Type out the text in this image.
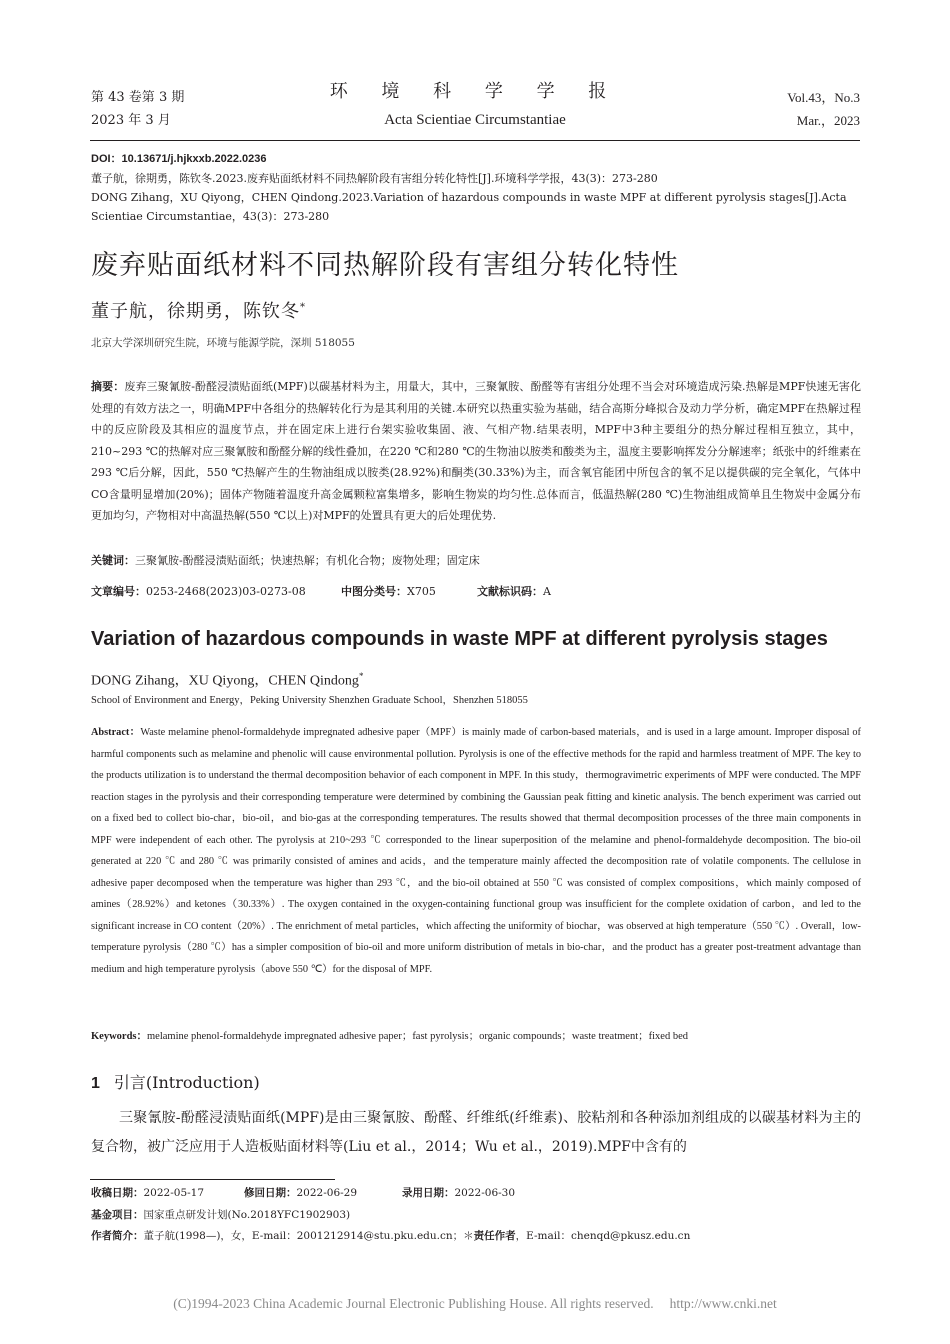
第 43 卷第 3 期
2023 年 3 月
环 境 科 学 学 报
Acta Scientiae Circumstantiae
Vol.43，No.3
Mar.，2023
DOI：10.13671/j.hjkxxb.2022.0236
董子航，徐期勇，陈钦冬.2023.废弃贴面纸材料不同热解阶段有害组分转化特性[J].环境科学学报，43(3)：273-280
DONG Zihang，XU Qiyong，CHEN Qindong.2023.Variation of hazardous compounds in waste MPF at different pyrolysis stages[J].Acta Scientiae Circumstantiae，43(3)：273-280
废弃贴面纸材料不同热解阶段有害组分转化特性
董子航，徐期勇，陈钦冬*
北京大学深圳研究生院，环境与能源学院，深圳 518055
摘要：废弃三聚氰胺-酚醛浸渍贴面纸(MPF)以碳基材料为主，用量大，其中，三聚氰胺、酚醛等有害组分处理不当会对环境造成污染.热解是MPF快速无害化处理的有效方法之一，明确MPF中各组分的热解转化行为是其利用的关键.本研究以热重实验为基础，结合高斯分峰拟合及动力学分析，确定MPF在热解过程中的反应阶段及其相应的温度节点，并在固定床上进行台架实验收集固、液、气相产物.结果表明，MPF中3种主要组分的热分解过程相互独立，其中，210~293 ℃的热解对应三聚氰胺和酚醛分解的线性叠加，在220 ℃和280 ℃的生物油以胺类和酸类为主，温度主要影响挥发分分解速率；纸张中的纤维素在293 ℃后分解，因此，550 ℃热解产生的生物油组成以胺类(28.92%)和酮类(30.33%)为主，而含氧官能团中所包含的氧不足以提供碳的完全氧化，气体中CO含量明显增加(20%)；固体产物随着温度升高金属颗粒富集增多，影响生物炭的均匀性.总体而言，低温热解(280 ℃)生物油组成简单且生物炭中金属分布更加均匀，产物相对中高温热解(550 ℃以上)对MPF的处置具有更大的后处理优势.
关键词：三聚氰胺-酚醛浸渍贴面纸；快速热解；有机化合物；废物处理；固定床
文章编号：0253-2468(2023)03-0273-08	中图分类号：X705	文献标识码：A
Variation of hazardous compounds in waste MPF at different pyrolysis stages
DONG Zihang，XU Qiyong，CHEN Qindong*
School of Environment and Energy，Peking University Shenzhen Graduate School，Shenzhen 518055
Abstract：Waste melamine phenol-formaldehyde impregnated adhesive paper（MPF）is mainly made of carbon-based materials，and is used in a large amount. Improper disposal of harmful components such as melamine and phenolic will cause environmental pollution. Pyrolysis is one of the effective methods for the rapid and harmless treatment of MPF. The key to the products utilization is to understand the thermal decomposition behavior of each component in MPF. In this study，thermogravimetric experiments of MPF were conducted. The MPF reaction stages in the pyrolysis and their corresponding temperature were determined by combining the Gaussian peak fitting and kinetic analysis. The bench experiment was carried out on a fixed bed to collect bio-char，bio-oil，and bio-gas at the corresponding temperatures. The results showed that thermal decomposition processes of the three main components in MPF were independent of each other. The pyrolysis at 210~293 ℃ corresponded to the linear superposition of the melamine and phenol-formaldehyde decomposition. The bio-oil generated at 220 ℃ and 280 ℃ was primarily consisted of amines and acids，and the temperature mainly affected the decomposition rate of volatile components. The cellulose in adhesive paper decomposed when the temperature was higher than 293 ℃，and the bio-oil obtained at 550 ℃ was consisted of complex compositions，which mainly composed of amines（28.92%）and ketones（30.33%）. The oxygen contained in the oxygen-containing functional group was insufficient for the complete oxidation of carbon，and led to the significant increase in CO content（20%）. The enrichment of metal particles，which affecting the uniformity of biochar，was observed at high temperature（550 ℃）. Overall，low-temperature pyrolysis（280 ℃）has a simpler composition of bio-oil and more uniform distribution of metals in bio-char，and the product has a greater post-treatment advantage than medium and high temperature pyrolysis（above 550 ℃）for the disposal of MPF.
Keywords：melamine phenol-formaldehyde impregnated adhesive paper；fast pyrolysis；organic compounds；waste treatment；fixed bed
1 引言(Introduction)
三聚氰胺-酚醛浸渍贴面纸(MPF)是由三聚氰胺、酚醛、纤维纸(纤维素)、胶粘剂和各种添加剂组成的以碳基材料为主的复合物，被广泛应用于人造板贴面材料等(Liu et al.，2014；Wu et al.，2019).MPF中含有的
收稿日期：2022-05-17	修回日期：2022-06-29	录用日期：2022-06-30
基金项目：国家重点研发计划(No.2018YFC1902903)
作者简介：董子航(1998—)，女，E-mail：2001212914@stu.pku.edu.cn；＊责任作者，E-mail：chenqd@pkusz.edu.cn
(C)1994-2023 China Academic Journal Electronic Publishing House. All rights reserved. http://www.cnki.net
